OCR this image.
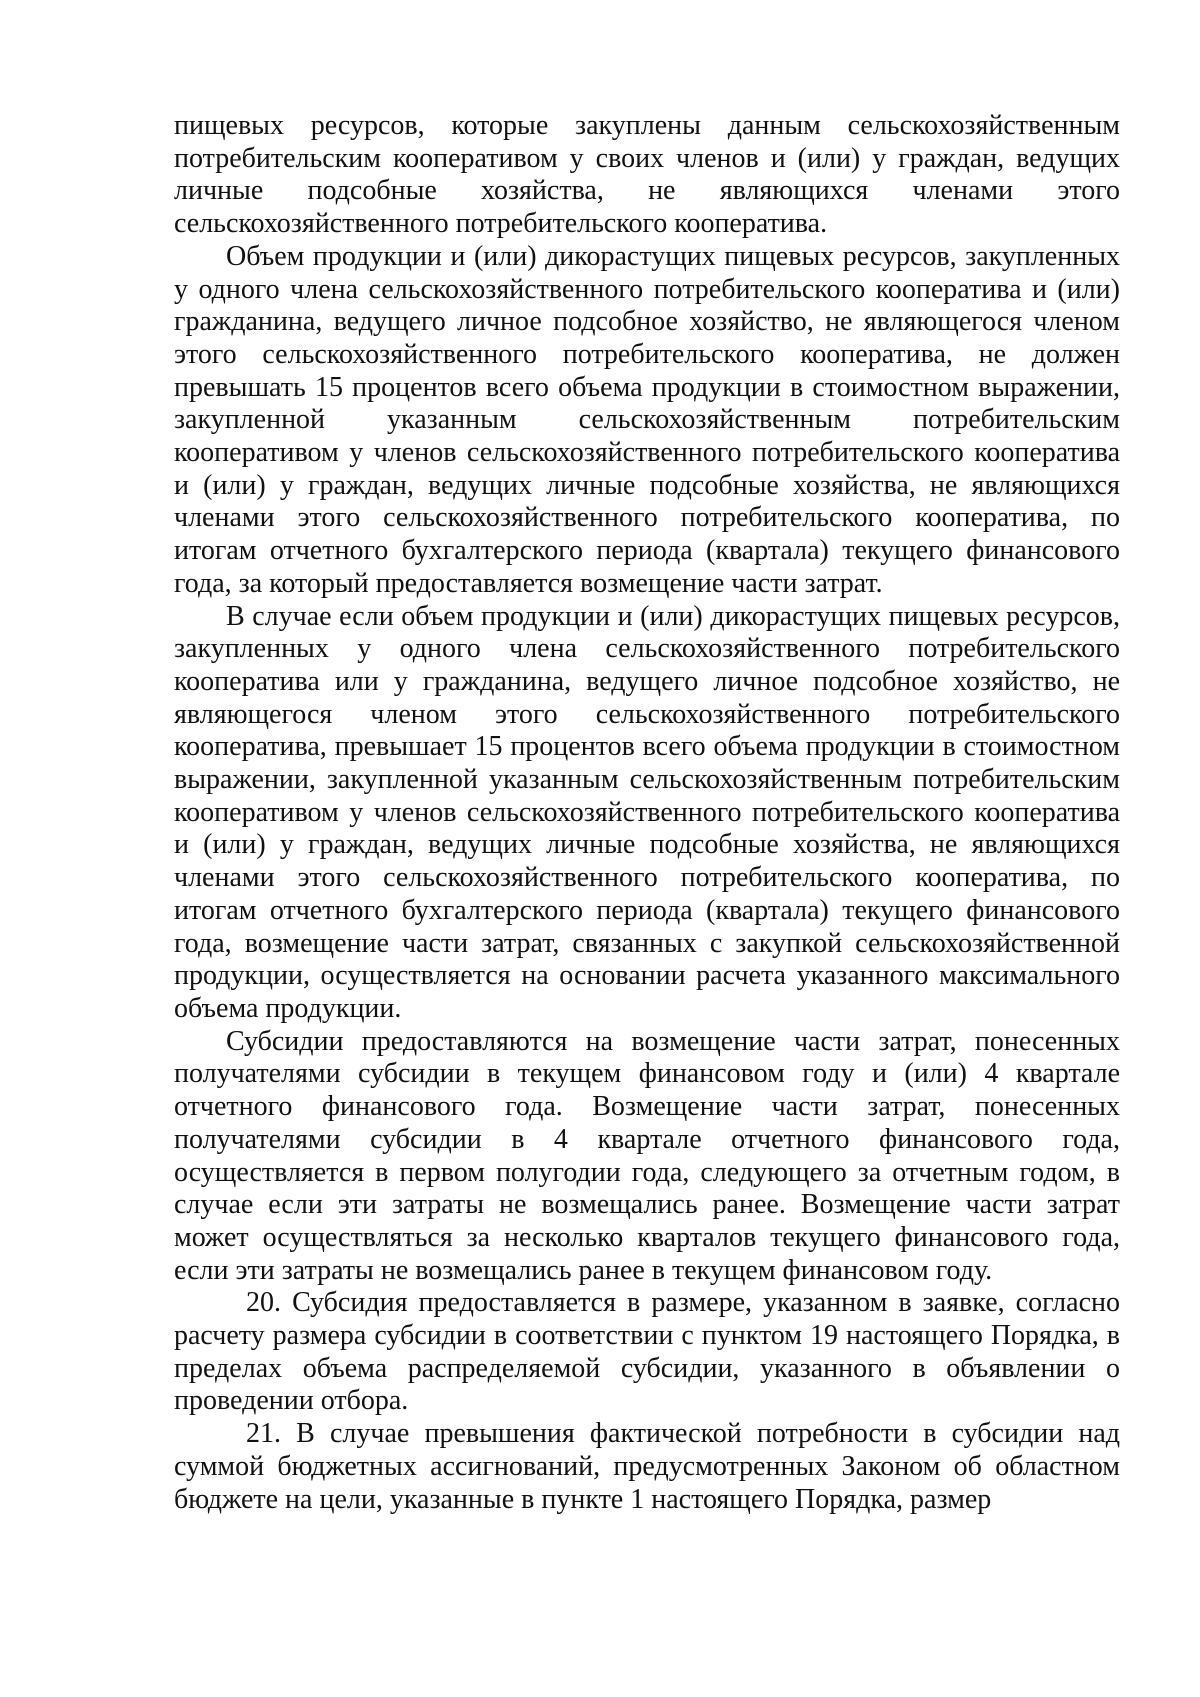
пищевых ресурсов, которые закуплены данным сельскохозяйственным потребительским кооперативом у своих членов и (или) у граждан, ведущих личные подсобные хозяйства, не являющихся членами этого сельскохозяйственного потребительского кооператива.

Объем продукции и (или) дикорастущих пищевых ресурсов, закупленных у одного члена сельскохозяйственного потребительского кооператива и (или) гражданина, ведущего личное подсобное хозяйство, не являющегося членом этого сельскохозяйственного потребительского кооператива, не должен превышать 15 процентов всего объема продукции в стоимостном выражении, закупленной указанным сельскохозяйственным потребительским кооперативом у членов сельскохозяйственного потребительского кооператива и (или) у граждан, ведущих личные подсобные хозяйства, не являющихся членами этого сельскохозяйственного потребительского кооператива, по итогам отчетного бухгалтерского периода (квартала) текущего финансового года, за который предоставляется возмещение части затрат.

В случае если объем продукции и (или) дикорастущих пищевых ресурсов, закупленных у одного члена сельскохозяйственного потребительского кооператива или у гражданина, ведущего личное подсобное хозяйство, не являющегося членом этого сельскохозяйственного потребительского кооператива, превышает 15 процентов всего объема продукции в стоимостном выражении, закупленной указанным сельскохозяйственным потребительским кооперативом у членов сельскохозяйственного потребительского кооператива и (или) у граждан, ведущих личные подсобные хозяйства, не являющихся членами этого сельскохозяйственного потребительского кооператива, по итогам отчетного бухгалтерского периода (квартала) текущего финансового года, возмещение части затрат, связанных с закупкой сельскохозяйственной продукции, осуществляется на основании расчета указанного максимального объема продукции.

Субсидии предоставляются на возмещение части затрат, понесенных получателями субсидии в текущем финансовом году и (или) 4 квартале отчетного финансового года. Возмещение части затрат, понесенных получателями субсидии в 4 квартале отчетного финансового года, осуществляется в первом полугодии года, следующего за отчетным годом, в случае если эти затраты не возмещались ранее. Возмещение части затрат может осуществляться за несколько кварталов текущего финансового года, если эти затраты не возмещались ранее в текущем финансовом году.

20. Субсидия предоставляется в размере, указанном в заявке, согласно расчету размера субсидии в соответствии с пунктом 19 настоящего Порядка, в пределах объема распределяемой субсидии, указанного в объявлении о проведении отбора.

21. В случае превышения фактической потребности в субсидии над суммой бюджетных ассигнований, предусмотренных Законом об областном бюджете на цели, указанные в пункте 1 настоящего Порядка, размер
